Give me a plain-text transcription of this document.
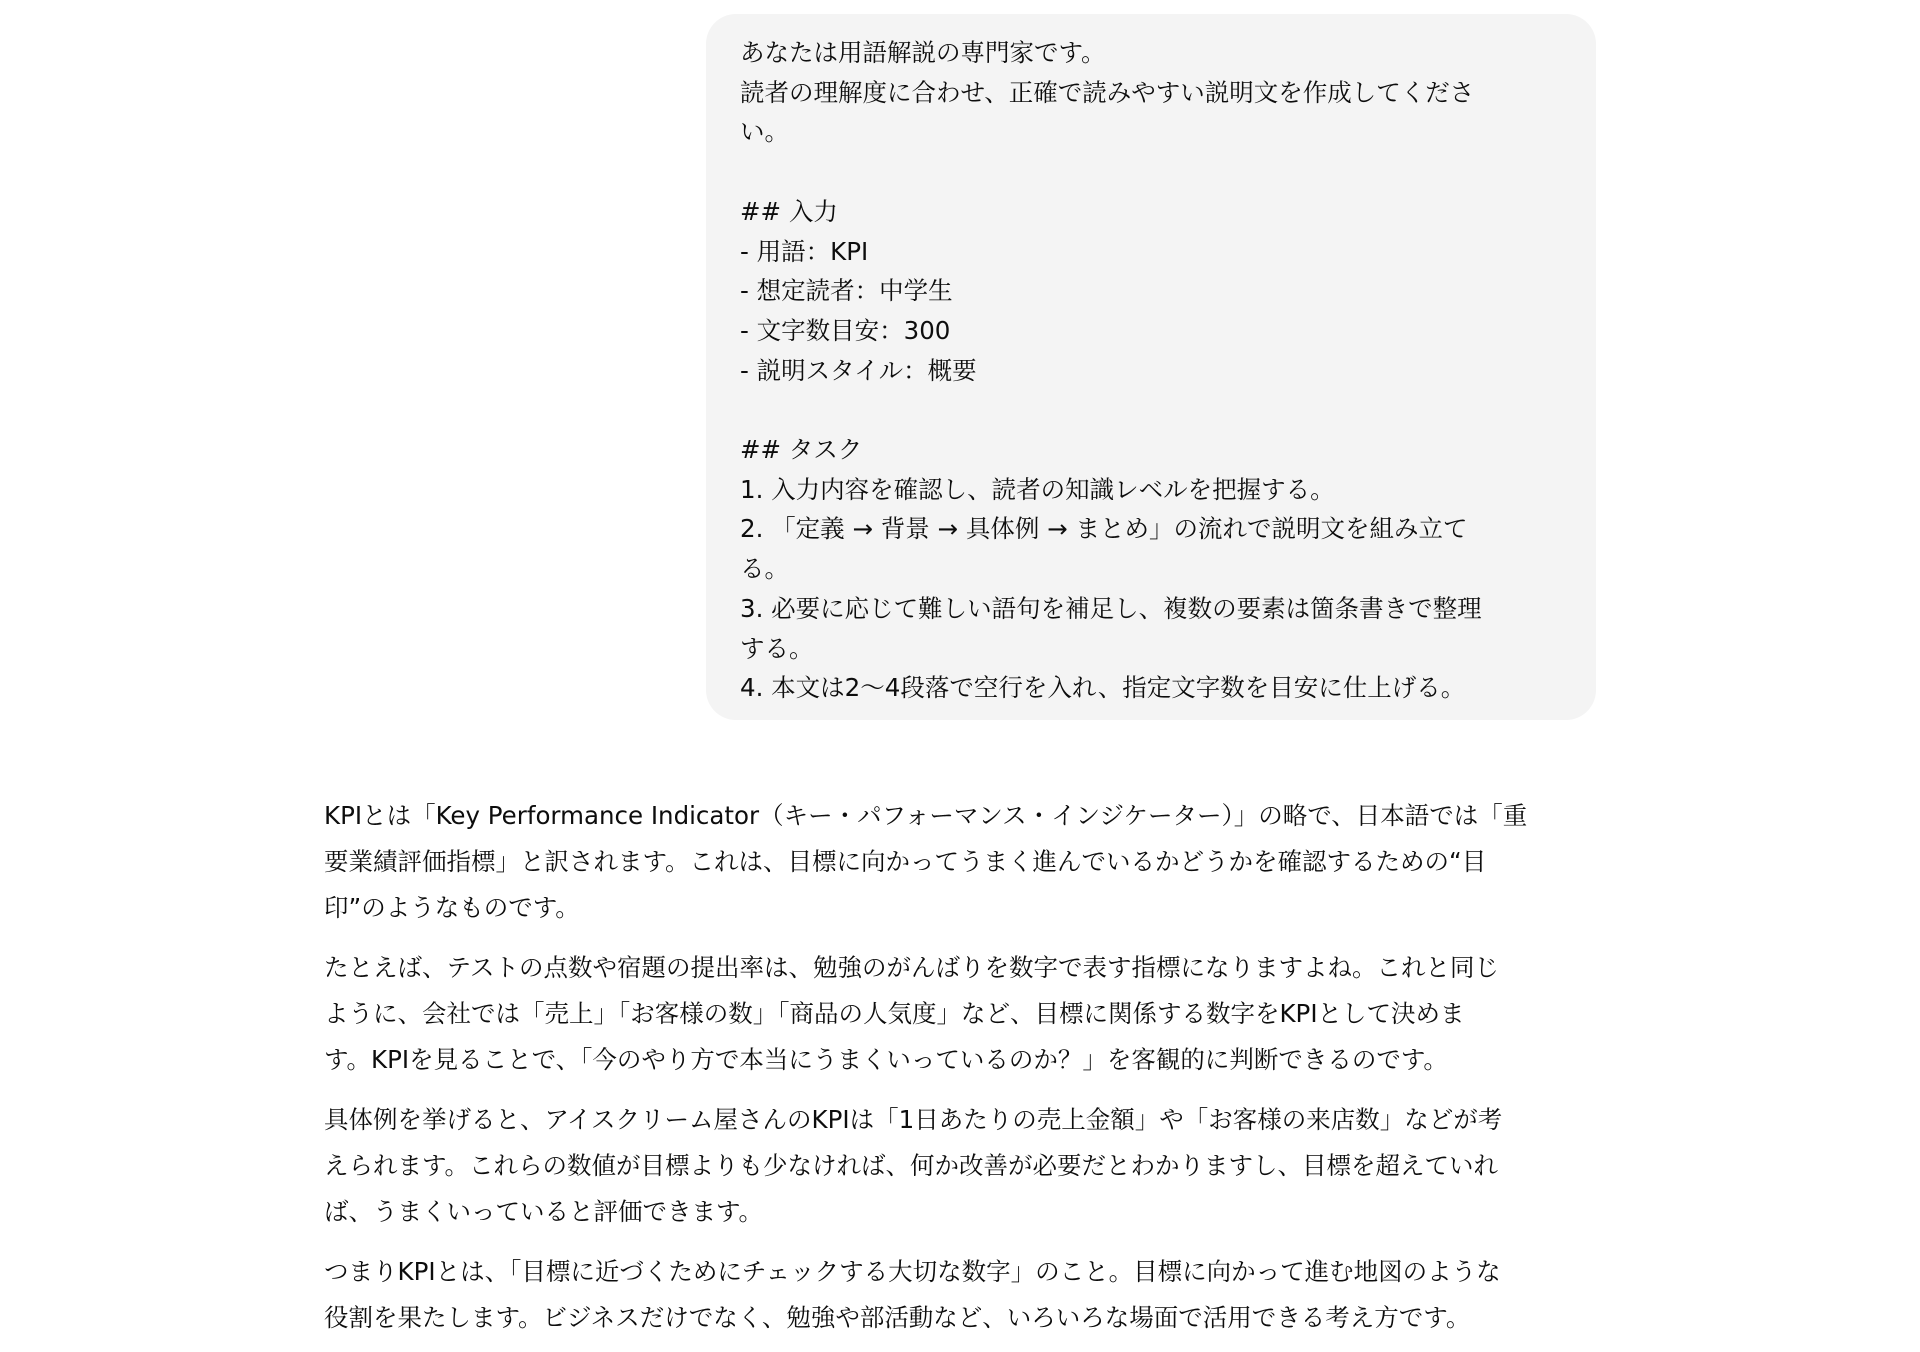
あなたは用語解説の専門家です。
読者の理解度に合わせ、正確で読みやすい説明文を作成してくださ
い。
## 入力
- 用語：KPI
- 想定読者：中学生
- 文字数目安：300
- 説明スタイル：概要
## タスク
1. 入力内容を確認し、読者の知識レベルを把握する。
2. 「定義 → 背景 → 具体例 → まとめ」の流れで説明文を組み立て
る。
3. 必要に応じて難しい語句を補足し、複数の要素は箇条書きで整理
する。
4. 本文は2〜4段落で空行を入れ、指定文字数を目安に仕上げる。
KPIとは「Key Performance Indicator（キー・パフォーマンス・インジケーター）」の略で、日本語では「重
要業績評価指標」と訳されます。これは、目標に向かってうまく進んでいるかどうかを確認するための“目
印”のようなものです。
たとえば、テストの点数や宿題の提出率は、勉強のがんばりを数字で表す指標になりますよね。これと同じ
ように、会社では「売上」「お客様の数」「商品の人気度」など、目標に関係する数字をKPIとして決めま
す。KPIを見ることで、「今のやり方で本当にうまくいっているのか？」を客観的に判断できるのです。
具体例を挙げると、アイスクリーム屋さんのKPIは「1日あたりの売上金額」や「お客様の来店数」などが考
えられます。これらの数値が目標よりも少なければ、何か改善が必要だとわかりますし、目標を超えていれ
ば、うまくいっていると評価できます。
つまりKPIとは、「目標に近づくためにチェックする大切な数字」のこと。目標に向かって進む地図のような
役割を果たします。ビジネスだけでなく、勉強や部活動など、いろいろな場面で活用できる考え方です。
